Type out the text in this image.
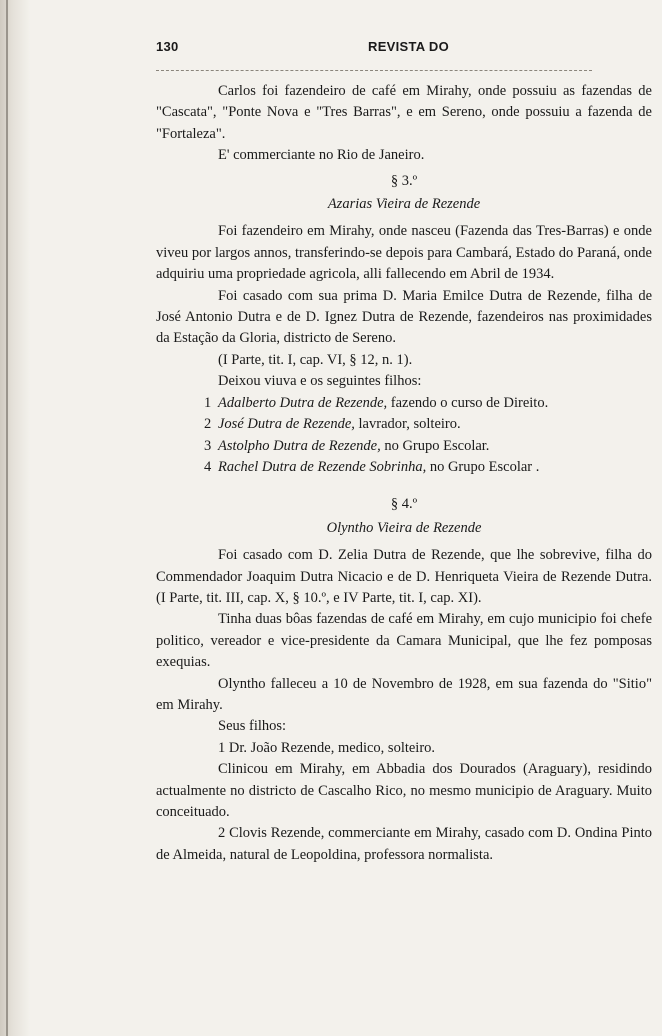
130	REVISTA DO

Carlos foi fazendeiro de café em Mirahy, onde possuiu as fazendas de "Cascata", "Ponte Nova e "Tres Barras", e em Sereno, onde possuiu a fazenda de "Fortaleza".

E' commerciante no Rio de Janeiro.

§ 3.º
Azarias Vieira de Rezende

Foi fazendeiro em Mirahy, onde nasceu (Fazenda das Tres-Barras) e onde viveu por largos annos, transferindo-se depois para Cambará, Estado do Paraná, onde adquiriu uma propriedade agricola, alli fallecendo em Abril de 1934.

Foi casado com sua prima D. Maria Emilce Dutra de Rezende, filha de José Antonio Dutra e de D. Ignez Dutra de Rezende, fazendeiros nas proximidades da Estação da Gloria, districto de Sereno.

(I Parte, tit. I, cap. VI, § 12, n. 1).

Deixou viuva e os seguintes filhos:

1 Adalberto Dutra de Rezende, fazendo o curso de Direito.

2 José Dutra de Rezende, lavrador, solteiro.

3 Astolpho Dutra de Rezende, no Grupo Escolar.

4 Rachel Dutra de Rezende Sobrinha, no Grupo Escolar .

§ 4.º
Olyntho Vieira de Rezende

Foi casado com D. Zelia Dutra de Rezende, que lhe sobrevive, filha do Commendador Joaquim Dutra Nicacio e de D. Henriqueta Vieira de Rezende Dutra. (I Parte, tit. III, cap. X, § 10.º, e IV Parte, tit. I, cap. XI).

Tinha duas bôas fazendas de café em Mirahy, em cujo municipio foi chefe politico, vereador e vice-presidente da Camara Municipal, que lhe fez pomposas exequias.

Olyntho falleceu a 10 de Novembro de 1928, em sua fazenda do "Sitio" em Mirahy.

Seus filhos:

1 Dr. João Rezende, medico, solteiro.

Clinicou em Mirahy, em Abbadia dos Dourados (Araguary), residindo actualmente no districto de Cascalho Rico, no mesmo municipio de Araguary. Muito conceituado.

2 Clovis Rezende, commerciante em Mirahy, casado com D. Ondina Pinto de Almeida, natural de Leopoldina, professora normalista.
